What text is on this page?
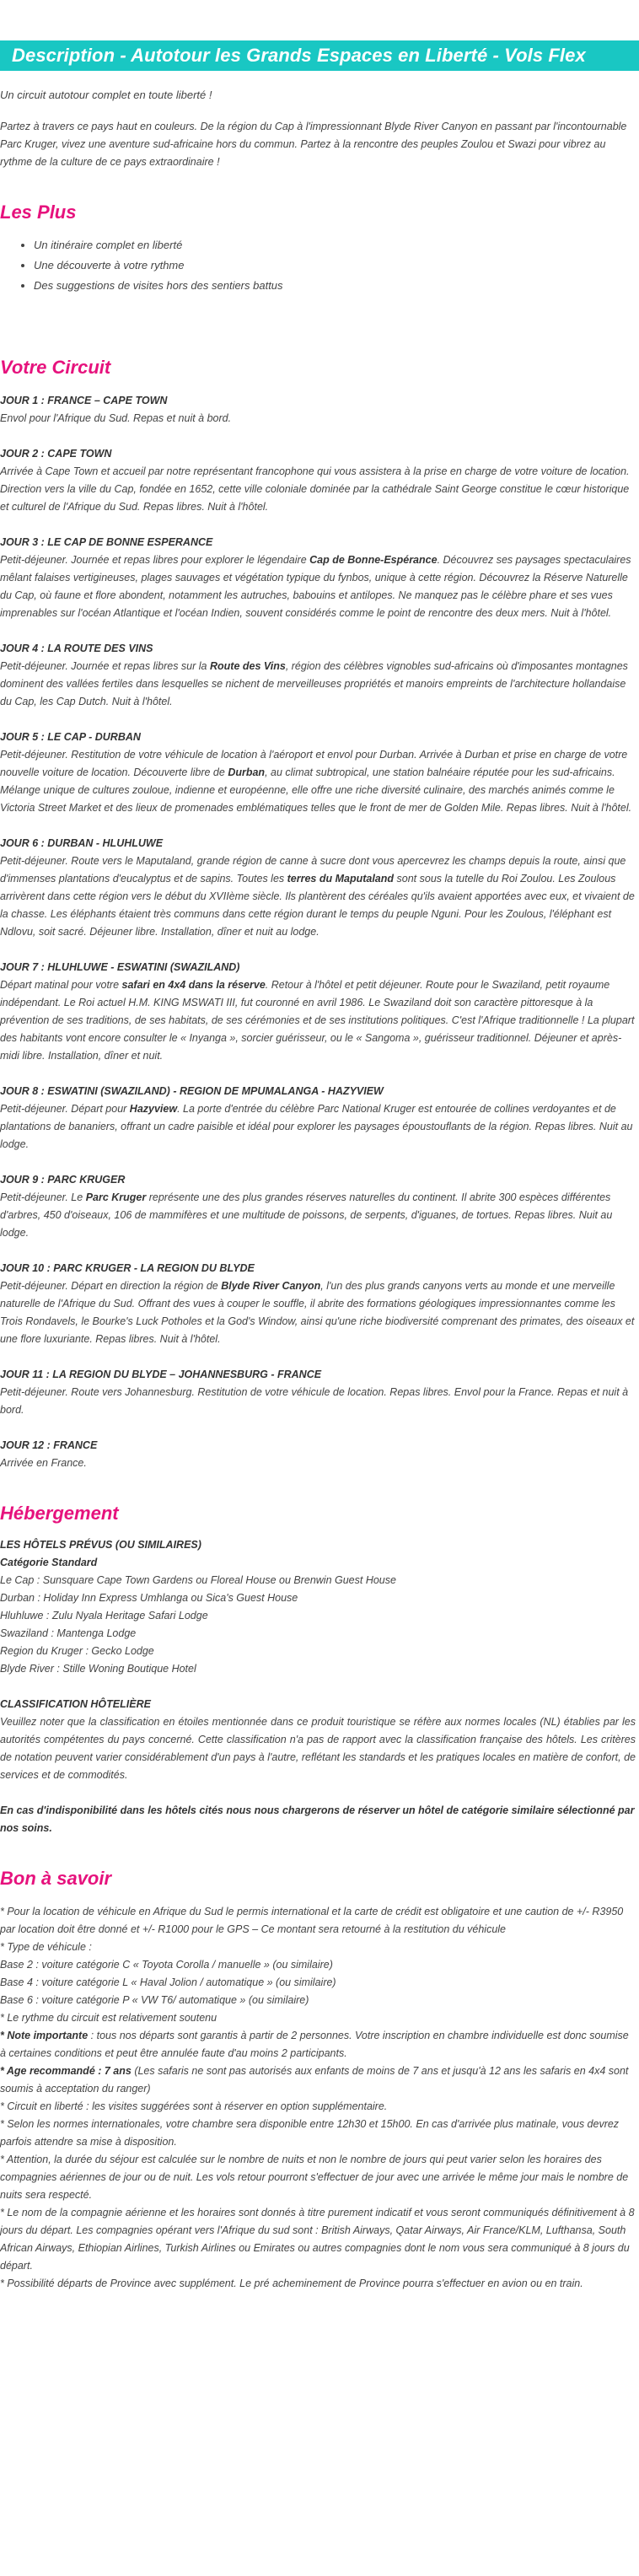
Description - Autotour les Grands Espaces en Liberté - Vols Flex

Un circuit autotour complet en toute liberté !

Partez à travers ce pays haut en couleurs. De la région du Cap à l'impressionnant Blyde River Canyon en passant par l'incontournable Parc Kruger, vivez une aventure sud-africaine hors du commun. Partez à la rencontre des peuples Zoulou et Swazi pour vibrez au rythme de la culture de ce pays extraordinaire !

Les Plus
• Un itinéraire complet en liberté
• Une découverte à votre rythme
• Des suggestions de visites hors des sentiers battus
Votre Circuit

JOUR 1 : FRANCE – CAPE TOWN

Envol pour l'Afrique du Sud. Repas et nuit à bord.

JOUR 2 : CAPE TOWN

Arrivée à Cape Town et accueil par notre représentant francophone qui vous assistera à la prise en charge de votre voiture de location. Direction vers la ville du Cap, fondée en 1652, cette ville coloniale dominée par la cathédrale Saint George constitue le cœur historique et culturel de l'Afrique du Sud. Repas libres. Nuit à l'hôtel.

JOUR 3 : LE CAP DE BONNE ESPERANCE

Petit-déjeuner. Journée et repas libres pour explorer le légendaire Cap de Bonne-Espérance. Découvrez ses paysages spectaculaires mêlant falaises vertigineuses, plages sauvages et végétation typique du fynbos, unique à cette région. Découvrez la Réserve Naturelle du Cap, où faune et flore abondent, notamment les autruches, babouins et antilopes. Ne manquez pas le célèbre phare et ses vues imprenables sur l'océan Atlantique et l'océan Indien, souvent considérés comme le point de rencontre des deux mers. Nuit à l'hôtel.

JOUR 4 : LA ROUTE DES VINS

Petit-déjeuner. Journée et repas libres sur la Route des Vins, région des célèbres vignobles sud-africains où d'imposantes montagnes dominent des vallées fertiles dans lesquelles se nichent de merveilleuses propriétés et manoirs empreints de l'architecture hollandaise du Cap, les Cap Dutch. Nuit à l'hôtel.

JOUR 5 : LE CAP - DURBAN

Petit-déjeuner. Restitution de votre véhicule de location à l'aéroport et envol pour Durban. Arrivée à Durban et prise en charge de votre nouvelle voiture de location. Découverte libre de Durban, au climat subtropical, une station balnéaire réputée pour les sud-africains. Mélange unique de cultures zouloue, indienne et européenne, elle offre une riche diversité culinaire, des marchés animés comme le Victoria Street Market et des lieux de promenades emblématiques telles que le front de mer de Golden Mile. Repas libres. Nuit à l'hôtel.

JOUR 6 : DURBAN - HLUHLUWE

Petit-déjeuner. Route vers le Maputaland, grande région de canne à sucre dont vous apercevrez les champs depuis la route, ainsi que d'immenses plantations d'eucalyptus et de sapins. Toutes les terres du Maputaland sont sous la tutelle du Roi Zoulou. Les Zoulous arrivèrent dans cette région vers le début du XVIIème siècle. Ils plantèrent des céréales qu'ils avaient apportées avec eux, et vivaient de la chasse. Les éléphants étaient très communs dans cette région durant le temps du peuple Nguni. Pour les Zoulous, l'éléphant est Ndlovu, soit sacré. Déjeuner libre. Installation, dîner et nuit au lodge.

JOUR 7 : HLUHLUWE - ESWATINI (SWAZILAND)

Départ matinal pour votre safari en 4x4 dans la réserve. Retour à l'hôtel et petit déjeuner. Route pour le Swaziland, petit royaume indépendant. Le Roi actuel H.M. KING MSWATI III, fut couronné en avril 1986. Le Swaziland doit son caractère pittoresque à la prévention de ses traditions, de ses habitats, de ses cérémonies et de ses institutions politiques. C'est l'Afrique traditionnelle ! La plupart des habitants vont encore consulter le « Inyanga », sorcier guérisseur, ou le « Sangoma », guérisseur traditionnel. Déjeuner et après-midi libre. Installation, dîner et nuit.

JOUR 8 : ESWATINI (SWAZILAND) - REGION DE MPUMALANGA - HAZYVIEW

Petit-déjeuner. Départ pour Hazyview. La porte d'entrée du célèbre Parc National Kruger est entourée de collines verdoyantes et de plantations de bananiers, offrant un cadre paisible et idéal pour explorer les paysages époustouflants de la région. Repas libres. Nuit au lodge.

JOUR 9 : PARC KRUGER

Petit-déjeuner. Le Parc Kruger représente une des plus grandes réserves naturelles du continent. Il abrite 300 espèces différentes d'arbres, 450 d'oiseaux, 106 de mammifères et une multitude de poissons, de serpents, d'iguanes, de tortues. Repas libres. Nuit au lodge.

JOUR 10 : PARC KRUGER - LA REGION DU BLYDE

Petit-déjeuner. Départ en direction la région de Blyde River Canyon, l'un des plus grands canyons verts au monde et une merveille naturelle de l'Afrique du Sud. Offrant des vues à couper le souffle, il abrite des formations géologiques impressionnantes comme les Trois Rondavels, le Bourke's Luck Potholes et la God's Window, ainsi qu'une riche biodiversité comprenant des primates, des oiseaux et une flore luxuriante. Repas libres. Nuit à l'hôtel.

JOUR 11 : LA REGION DU BLYDE – JOHANNESBURG - FRANCE

Petit-déjeuner. Route vers Johannesburg. Restitution de votre véhicule de location. Repas libres. Envol pour la France. Repas et nuit à bord.

JOUR 12 : FRANCE

Arrivée en France.

Hébergement

LES HÔTELS PRÉVUS (OU SIMILAIRES)

Catégorie Standard

Le Cap : Sunsquare Cape Town Gardens ou Floreal House ou Brenwin Guest House

Durban : Holiday Inn Express Umhlanga ou Sica's Guest House

Hluhluwe : Zulu Nyala Heritage Safari Lodge

Swaziland : Mantenga Lodge

Region du Kruger : Gecko Lodge

Blyde River : Stille Woning Boutique Hotel

CLASSIFICATION HÔTELIÈRE

Veuillez noter que la classification en étoiles mentionnée dans ce produit touristique se réfère aux normes locales (NL) établies par les autorités compétentes du pays concerné. Cette classification n'a pas de rapport avec la classification française des hôtels. Les critères de notation peuvent varier considérablement d'un pays à l'autre, reflétant les standards et les pratiques locales en matière de confort, de services et de commodités.

En cas d'indisponibilité dans les hôtels cités nous nous chargerons de réserver un hôtel de catégorie similaire sélectionné par nos soins.

Bon à savoir

* Pour la location de véhicule en Afrique du Sud le permis international et la carte de crédit est obligatoire et une caution de +/- R3950 par location doit être donné et +/- R1000 pour le GPS – Ce montant sera retourné à la restitution du véhicule

* Type de véhicule :

Base 2 : voiture catégorie C « Toyota Corolla / manuelle » (ou similaire)

Base 4 : voiture catégorie L « Haval Jolion / automatique » (ou similaire)

Base 6 : voiture catégorie P « VW T6/ automatique » (ou similaire)

* Le rythme du circuit est relativement soutenu

* Note importante : tous nos départs sont garantis à partir de 2 personnes. Votre inscription en chambre individuelle est donc soumise à certaines conditions et peut être annulée faute d'au moins 2 participants.

* Age recommandé : 7 ans (Les safaris ne sont pas autorisés aux enfants de moins de 7 ans et jusqu'à 12 ans les safaris en 4x4 sont soumis à acceptation du ranger)

* Circuit en liberté : les visites suggérées sont à réserver en option supplémentaire.

* Selon les normes internationales, votre chambre sera disponible entre 12h30 et 15h00. En cas d'arrivée plus matinale, vous devrez parfois attendre sa mise à disposition.

* Attention, la durée du séjour est calculée sur le nombre de nuits et non le nombre de jours qui peut varier selon les horaires des compagnies aériennes de jour ou de nuit. Les vols retour pourront s'effectuer de jour avec une arrivée le même jour mais le nombre de nuits sera respecté.

* Le nom de la compagnie aérienne et les horaires sont donnés à titre purement indicatif et vous seront communiqués définitivement à 8 jours du départ. Les compagnies opérant vers l'Afrique du sud sont : British Airways, Qatar Airways, Air France/KLM, Lufthansa, South African Airways, Ethiopian Airlines, Turkish Airlines ou Emirates ou autres compagnies dont le nom vous sera communiqué à 8 jours du départ.

* Possibilité départs de Province avec supplément. Le pré acheminement de Province pourra s'effectuer en avion ou en train.
